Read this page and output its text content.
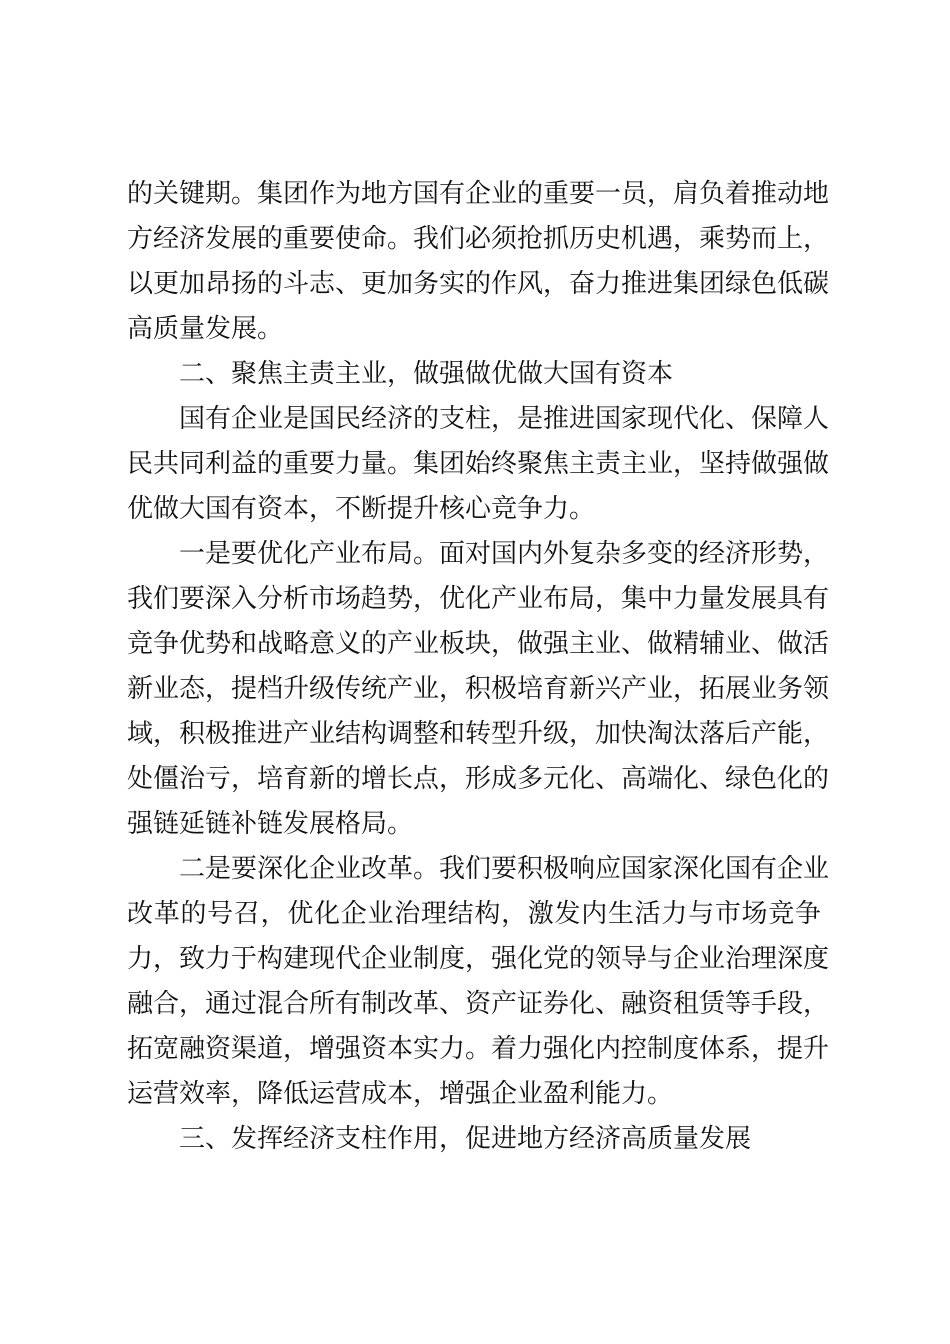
的关键期。集团作为地方国有企业的重要一员，肩负着推动地
方经济发展的重要使命。我们必须抢抓历史机遇，乘势而上，
以更加昂扬的斗志、更加务实的作风，奋力推进集团绿色低碳
高质量发展。
二、聚焦主责主业，做强做优做大国有资本
国有企业是国民经济的支柱，是推进国家现代化、保障人
民共同利益的重要力量。集团始终聚焦主责主业，坚持做强做
优做大国有资本，不断提升核心竞争力。
一是要优化产业布局。面对国内外复杂多变的经济形势，
我们要深入分析市场趋势，优化产业布局，集中力量发展具有
竞争优势和战略意义的产业板块，做强主业、做精辅业、做活
新业态，提档升级传统产业，积极培育新兴产业，拓展业务领
域，积极推进产业结构调整和转型升级，加快淘汰落后产能，
处僵治亏，培育新的增长点，形成多元化、高端化、绿色化的
强链延链补链发展格局。
二是要深化企业改革。我们要积极响应国家深化国有企业
改革的号召，优化企业治理结构，激发内生活力与市场竞争
力，致力于构建现代企业制度，强化党的领导与企业治理深度
融合，通过混合所有制改革、资产证券化、融资租赁等手段，
拓宽融资渠道，增强资本实力。着力强化内控制度体系，提升
运营效率，降低运营成本，增强企业盈利能力。
三、发挥经济支柱作用，促进地方经济高质量发展
